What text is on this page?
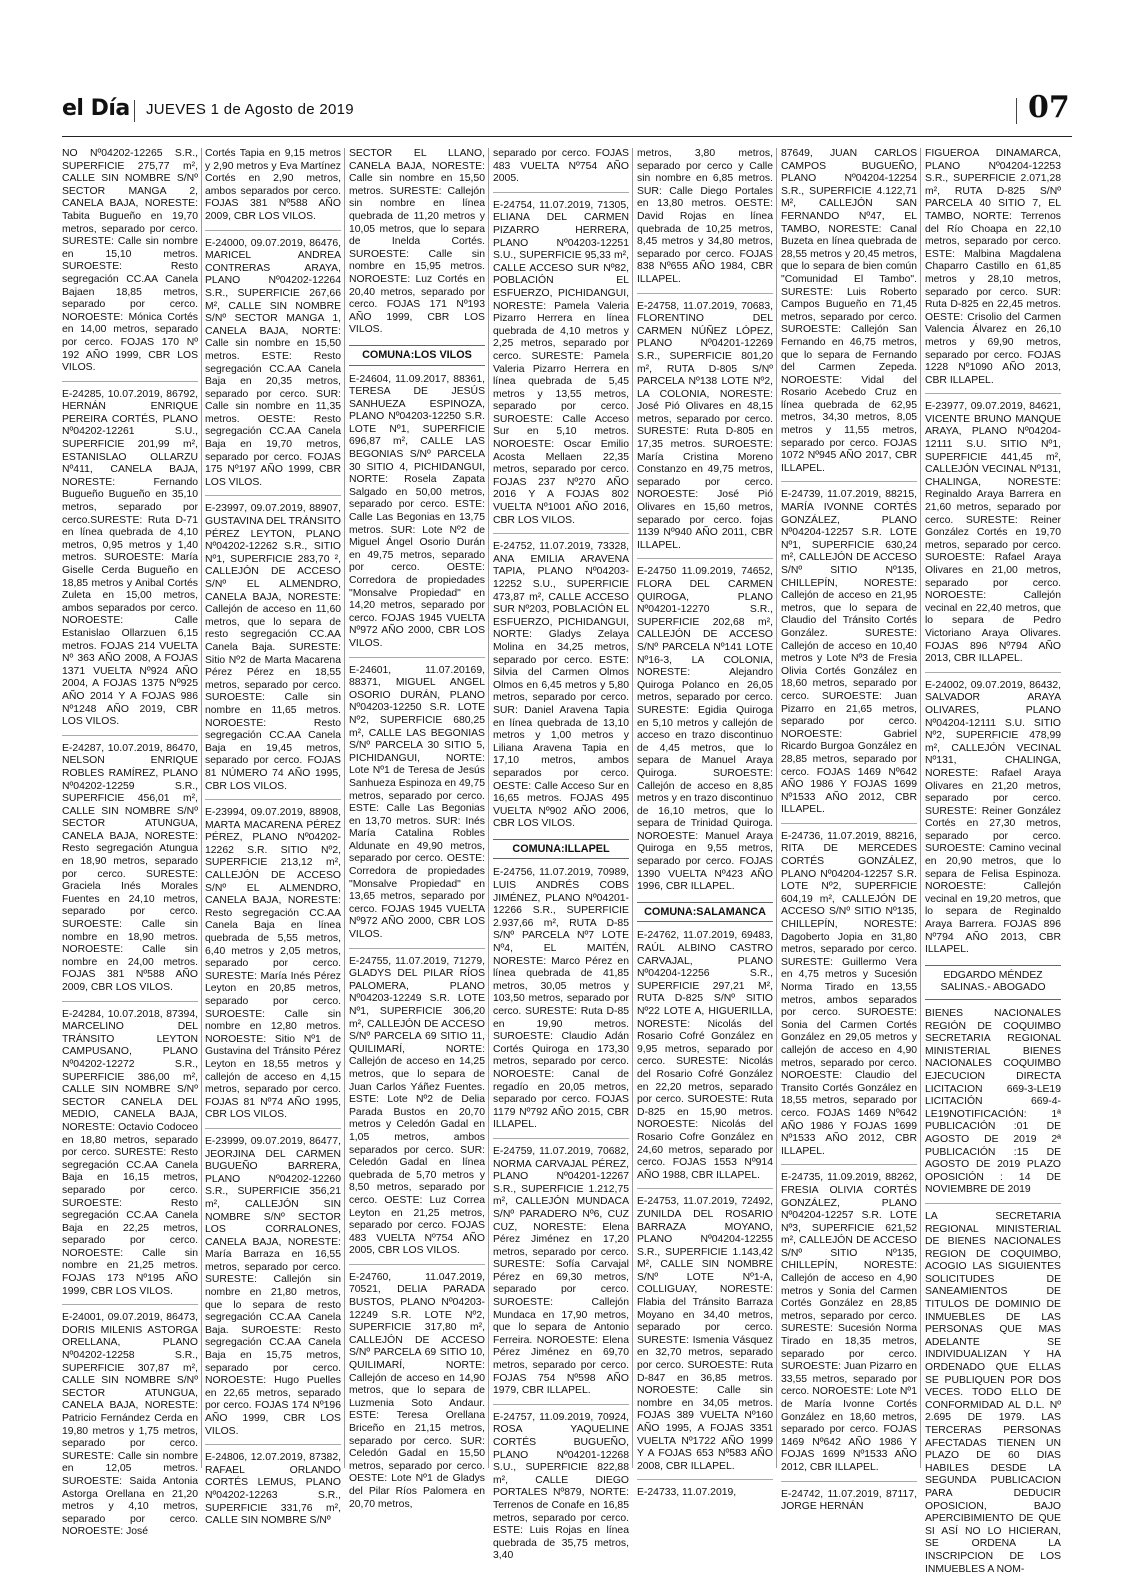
el Día JUEVES 1 de Agosto de 2019	07

NO Nº04202-12265 S.R., SUPERFICIE 275,77 m², CALLE SIN NOMBRE S/Nº SECTOR MANGA 2, CANELA BAJA, NORESTE: Tabita Bugueño en 19,70 metros, separado por cerco. SURESTE: Calle sin nombre en 15,10 metros. SUROESTE: Resto segregación CC.AA Canela Bajaen 18,85 metros, separado por cerco. NOROESTE: Mónica Cortés en 14,00 metros, separado por cerco. FOJAS 170 Nº 192 AÑO 1999, CBR LOS VILOS.

E-24285, 10.07.2019, 86792, HERNÁN ENRIQUE PEREIRA CORTÉS, PLANO Nº04202-12261 S.U., SUPERFICIE 201,99 m², ESTANISLAO OLLARZU Nº411, CANELA BAJA, NORESTE: Fernando Bugueño Bugueño en 35,10 metros, separado por cerco.SURESTE: Ruta D-71 en línea quebrada de 4,10 metros, 0,95 metros y 1,40 metros. SUROESTE: María Giselle Cerda Bugueño en 18,85 metros y Anibal Cortés Zuleta en 15,00 metros, ambos separados por cerco. NOROESTE: Calle Estanislao Ollarzuen 6,15 metros. FOJAS 214 VUELTA Nº 363 AÑO 2008, A FOJAS 1371 VUELTA Nº924 AÑO 2004, A FOJAS 1375 Nº925 AÑO 2014 Y A FOJAS 986 Nº1248 AÑO 2019, CBR LOS VILOS.

E-24287, 10.07.2019, 86470, NELSON ENRIQUE ROBLES RAMÍREZ, PLANO Nº04202-12259 S.R., SUPERFICIE 456,01 m², CALLE SIN NOMBRE S/Nº SECTOR ATUNGUA, CANELA BAJA, NORESTE: Resto segregación Atunguа en 18,90 metros, separado por cerco. SURESTE: Graciela Inés Morales Fuentes en 24,10 metros, separado por cerco. SUROESTE: Calle sin nombre en 18,90 metros. NOROESTE: Calle sin nombre en 24,00 metros. FOJAS 381 Nº588 AÑO 2009, CBR LOS VILOS.

E-24284, 10.07.2018, 87394, MARCELINO DEL TRÁNSITO LEYTON CAMPUSANO, PLANO Nº04202-12272 S.R., SUPERFICIE 386,00 m², CALLE SIN NOMBRE S/Nº SECTOR CANELA DEL MEDIO, CANELA BAJA, NORESTE: Octavio Codoceo en 18,80 metros, separado por cerco. SURESTE: Resto segregación CC.AA Canela Baja en 16,15 metros, separado por cerco. SUROESTE: Resto segregación CC.AA Canela Baja en 22,25 metros, separado por cerco. NOROESTE: Calle sin nombre en 21,25 metros. FOJAS 173 Nº195 AÑO 1999, CBR LOS VILOS.

E-24001, 09.07.2019, 86473, DORIS MILENIS ASTORGA ORELLANA, PLANO Nº04202-12258 S.R., SUPERFICIE 307,87 m², CALLE SIN NOMBRE S/Nº SECTOR ATUNGUA, CANELA BAJA, NORESTE: Patricio Fernández Cerda en 19,80 metros y 1,75 metros, separado por cerco. SURESTE: Calle sin nombre en 12,05 metros. SUROESTE: Saida Antonia Astorga Orellana en 21,20 metros y 4,10 metros, separado por cerco. NOROESTE: José

Cortés Tapia en 9,15 metros y 2,90 metros y Eva Martínez Cortés en 2,90 metros, ambos separados por cerco. FOJAS 381 Nº588 AÑO 2009, CBR LOS VILOS.

E-24000, 09.07.2019, 86476, MARICEL ANDREA CONTRERAS ARAYA, PLANO Nº04202-12264 S.R., SUPERFICIE 267,66 M², CALLE SIN NOMBRE S/Nº SECTOR MANGA 1, CANELA BAJA, NORTE: Calle sin nombre en 15,50 metros. ESTE: Resto segregación CC.AA Canela Baja en 20,35 metros, separado por cerco. SUR: Calle sin nombre en 11,35 metros. OESTE: Resto segregación CC.AA Canela Baja en 19,70 metros, separado por cerco. FOJAS 175 Nº197 AÑO 1999, CBR LOS VILOS.

E-23997, 09.07.2019, 88907, GUSTAVINA DEL TRÁNSITO PÉREZ LEYTON, PLANO Nº04202-12262 S.R., SITIO Nº1, SUPERFICIE 283,70 ², CALLEJÓN DE ACCESO S/Nº EL ALMENDRO, CANELA BAJA, NORESTE: Callejón de acceso en 11,60 metros, que lo separa de resto segregación CC.AA Canela Baja. SURESTE: Sitio Nº2 de Marta Macarena Pérez Pérez en 18,55 metros, separado por cerco. SUROESTE: Calle sin nombre en 11,65 metros. NOROESTE: Resto segregación CC.AA Canela Baja en 19,45 metros, separado por cerco. FOJAS 81 NÚMERO 74 AÑO 1995, CBR LOS VILOS.

E-23994, 09.07.2019, 88908, MARTA MACARENA PÉREZ PÉREZ, PLANO Nº04202-12262 S.R. SITIO Nº2, SUPERFICIE 213,12 m², CALLEJÓN DE ACCESO S/Nº EL ALMENDRO, CANELA BAJA, NORESTE: Resto segregación CC.AA Canela Baja en línea quebrada de 5,55 metros, 6,40 metros y 2,05 metros, separado por cerco. SURESTE: María Inés Pérez Leyton en 20,85 metros, separado por cerco. SUROESTE: Calle sin nombre en 12,80 metros. NOROESTE: Sitio Nº1 de Gustavina del Tránsito Pérez Leyton en 18,55 metros y callejón de acceso en 4,15 metros, separado por cerco. FOJAS 81 Nº74 AÑO 1995, CBR LOS VILOS.

E-23999, 09.07.2019, 86477, JEORJINA DEL CARMEN BUGUEÑO BARRERA, PLANO Nº04202-12260 S.R., SUPERFICIE 356,21 m², CALLEJÓN SIN NOMBRE S/Nº SECTOR LOS CORRALONES, CANELA BAJA, NORESTE: María Barraza en 16,55 metros, separado por cerco. SURESTE: Callejón sin nombre en 21,80 metros, que lo separa de resto segregación CC.AA Canela Baja. SUROESTE: Resto segregación CC.AA Canela Baja en 15,75 metros, separado por cerco. NOROESTE: Hugo Puelles en 22,65 metros, separado por cerco. FOJAS 174 Nº196 AÑO 1999, CBR LOS VILOS.

E-24806, 12.07.2019, 87382, RAFAEL ORLANDO CORTÉS LEMUS, PLANO Nº04202-12263 S.R., SUPERFICIE 331,76 m², CALLE SIN NOMBRE S/Nº

SECTOR EL LLANO, CANELA BAJA, NORESTE: Calle sin nombre en 15,50 metros. SURESTE: Callejón sin nombre en línea quebrada de 11,20 metros y 10,05 metros, que lo separa de Inelda Cortés. SUROESTE: Calle sin nombre en 15,95 metros. NOROESTE: Luz Cortés en 20,40 metros, separado por cerco. FOJAS 171 Nº193 AÑO 1999, CBR LOS VILOS.

COMUNA:LOS VILOS

E-24604, 11.09.2017, 88361, TERESA DE JESÚS SANHUEZA ESPINOZA, PLANO Nº04203-12250 S.R. LOTE Nº1, SUPERFICIE 696,87 m², CALLE LAS BEGONIAS S/Nº PARCELA 30 SITIO 4, PICHIDANGUI, NORTE: Rosela Zapata Salgado en 50,00 metros, separado por cerco. ESTE: Calle Las Begonias en 13,75 metros. SUR: Lote Nº2 de Miguel Ángel Osorio Durán en 49,75 metros, separado por cerco. OESTE: Corredora de propiedades "Monsalve Propiedad" en 14,20 metros, separado por cerco. FOJAS 1945 VUELTA Nº972 AÑO 2000, CBR LOS VILOS.

E-24601, 11.07.20169, 88371, MIGUEL ANGEL OSORIO DURÁN, PLANO Nº04203-12250 S.R. LOTE Nº2, SUPERFICIE 680,25 m², CALLE LAS BEGONIAS S/Nº PARCELA 30 SITIO 5, PICHIDANGUI, NORTE: Lote Nº1 de Teresa de Jesús Sanhueza Espinoza en 49,75 metros, separado por cerco. ESTE: Calle Las Begonias en 13,70 metros. SUR: Inés María Catalina Robles Aldunate en 49,90 metros, separado por cerco. OESTE: Corredora de propiedades "Monsalve Propiedad" en 13,65 metros, separado por cerco. FOJAS 1945 VUELTA Nº972 AÑO 2000, CBR LOS VILOS.

E-24755, 11.07.2019, 71279, GLADYS DEL PILAR RÍOS PALOMERA, PLANO Nº04203-12249 S.R. LOTE Nº1, SUPERFICIE 306,20 m², CALLEJÓN DE ACCESO S/Nº PARCELA 69 SITIO 11, QUILIMARÍ, NORTE: Callejón de acceso en 14,25 metros, que lo separa de Juan Carlos Yáñez Fuentes. ESTE: Lote Nº2 de Delia Parada Bustos en 20,70 metros y Celedón Gadal en 1,05 metros, ambos separados por cerco. SUR: Celedón Gadal en línea quebrada de 5,70 metros y 8,50 metros, separado por cerco. OESTE: Luz Correa Leyton en 21,25 metros, separado por cerco. FOJAS 483 VUELTA Nº754 AÑO 2005, CBR LOS VILOS.

E-24760, 11.047.2019, 70521, DELIA PARADA BUSTOS, PLANO Nº04203-12249 S.R. LOTE Nº2, SUPERFICIE 317,80 m², CALLEJÓN DE ACCESO S/Nº PARCELA 69 SITIO 10, QUILIMARÍ, NORTE: Callejón de acceso en 14,90 metros, que lo separa de Luzmenia Soto Andaur. ESTE: Teresa Orellana Briceño en 21,15 metros, separado por cerco. SUR: Celedón Gadal en 15,50 metros, separado por cerco. OESTE: Lote Nº1 de Gladys del Pilar Ríos Palomera en 20,70 metros,

separado por cerco. FOJAS 483 VUELTA Nº754 AÑO 2005.

E-24754, 11.07.2019, 71305, ELIANA DEL CARMEN PIZARRO HERRERA, PLANO Nº04203-12251 S.U., SUPERFICIE 95,33 m², CALLE ACCESO SUR Nº82, POBLACIÓN EL ESFUERZO, PICHIDANGUI, NORESTE: Pamela Valeria Pizarro Herrera en línea quebrada de 4,10 metros y 2,25 metros, separado por cerco. SURESTE: Pamela Valeria Pizarro Herrera en línea quebrada de 5,45 metros y 13,55 metros, separado por cerco. SUROESTE: Calle Acceso Sur en 5,10 metros. NOROESTE: Oscar Emilio Acosta Mellaen 22,35 metros, separado por cerco. FOJAS 237 Nº270 AÑO 2016 Y A FOJAS 802 VUELTA Nº1001 AÑO 2016, CBR LOS VILOS.

E-24752, 11.07.2019, 73328, ANA EMILIA ARAVENA TAPIA, PLANO Nº04203-12252 S.U., SUPERFICIE 473,87 m², CALLE ACCESO SUR Nº203, POBLACIÓN EL ESFUERZO, PICHIDANGUI, NORTE: Gladys Zelaya Molina en 34,25 metros, separado por cerco. ESTE: Silvia del Carmen Olmos Olmos en 6,45 metros y 5,80 metros, separado por cerco. SUR: Daniel Aravena Tapia en línea quebrada de 13,10 metros y 1,00 metros y Liliana Aravena Tapia en 17,10 metros, ambos separados por cerco. OESTE: Calle Acceso Sur en 16,65 metros. FOJAS 495 VUELTA Nº902 AÑO 2006, CBR LOS VILOS.

COMUNA:ILLAPEL

E-24756, 11.07.2019, 70989, LUIS ANDRÉS COBS JIMÉNEZ, PLANO Nº04201-12266 S.R., SUPERFICIE 2.937,66 m², RUTA D-85 S/Nº PARCELA Nº7 LOTE Nº4, EL MAITÉN, NORESTE: Marco Pérez en línea quebrada de 41,85 metros, 30,05 metros y 103,50 metros, separado por cerco. SURESTE: Ruta D-85 en 19,90 metros. SUROESTE: Claudio Adán Cortés Quiroga en 173,30 metros, separado por cerco. NOROESTE: Canal de regadío en 20,05 metros, separado por cerco. FOJAS 1179 Nº792 AÑO 2015, CBR ILLAPEL.

E-24759, 11.07.2019, 70682, NORMA CARVAJAL PÉREZ, PLANO Nº04201-12267 S.R., SUPERFICIE 1.212,75 m², CALLEJÓN MUNDACA S/Nº PARADERO Nº6, CUZ CUZ, NORESTE: Elena Pérez Jiménez en 17,20 metros, separado por cerco. SURESTE: Sofía Carvajal Pérez en 69,30 metros, separado por cerco. SUROESTE: Callejón Mundaca en 17,90 metros, que lo separa de Antonio Ferreira. NOROESTE: Elena Pérez Jiménez en 69,70 metros, separado por cerco. FOJAS 754 Nº598 AÑO 1979, CBR ILLAPEL.

E-24757, 11.09.2019, 70924, ROSA YAQUELINE CORTÉS BUGUEÑO, PLANO Nº04201-12268 S.U., SUPERFICIE 822,88 m², CALLE DIEGO PORTALES Nº879, NORTE: Terrenos de Conafe en 16,85 metros, separado por cerco. ESTE: Luis Rojas en línea quebrada de 35,75 metros, 3,40

metros, 3,80 metros, separado por cerco y Calle sin nombre en 6,85 metros. SUR: Calle Diego Portales en 13,80 metros. OESTE: David Rojas en línea quebrada de 10,25 metros, 8,45 metros y 34,80 metros, separado por cerco. FOJAS 838 Nº655 AÑO 1984, CBR ILLAPEL.

E-24758, 11.07.2019, 70683, FLORENTINO DEL CARMEN NÚÑEZ LÓPEZ, PLANO Nº04201-12269 S.R., SUPERFICIE 801,20 m², RUTA D-805 S/Nº PARCELA Nº138 LOTE Nº2, LA COLONIA, NORESTE: José Pió Olivares en 48,15 metros, separado por cerco. SURESTE: Ruta D-805 en 17,35 metros. SUROESTE: María Cristina Moreno Constanzo en 49,75 metros, separado por cerco. NOROESTE: José Pió Olivares en 15,60 metros, separado por cerco. fojas 1139 Nº940 AÑO 2011, CBR ILLAPEL.

E-24750 11.09.2019, 74652, FLORA DEL CARMEN QUIROGA, PLANO Nº04201-12270 S.R., SUPERFICIE 202,68 m², CALLEJÓN DE ACCESO S/Nº PARCELA Nº141 LOTE Nº16-3, LA COLONIA, NORESTE: Alejandro Quiroga Polanco en 26,05 metros, separado por cerco. SURESTE: Egidia Quiroga en 5,10 metros y callejón de acceso en trazo discontinuo de 4,45 metros, que lo separa de Manuel Araya Quiroga. SUROESTE: Callejón de acceso en 8,85 metros y en trazo discontinuo de 16,10 metros, que lo separa de Trinidad Quiroga. NOROESTE: Manuel Araya Quiroga en 9,55 metros, separado por cerco. FOJAS 1390 VUELTA Nº423 AÑO 1996, CBR ILLAPEL.

COMUNA:SALAMANCA

E-24762, 11.07.2019, 69483, RAÚL ALBINO CASTRO CARVAJAL, PLANO Nº04204-12256 S.R., SUPERFICIE 297,21 M², RUTA D-825 S/Nº SITIO Nº22 LOTE A, HIGUERILLA, NORESTE: Nicolás del Rosario Cofré González en 9,95 metros, separado por cerco. SURESTE: Nicolás del Rosario Cofré González en 22,20 metros, separado por cerco. SUROESTE: Ruta D-825 en 15,90 metros. NOROESTE: Nicolás del Rosario Cofre González en 24,60 metros, separado por cerco. FOJAS 1553 Nº914 AÑO 1988, CBR ILLAPEL.

E-24753, 11.07.2019, 72492, ZUNILDA DEL ROSARIO BARRAZA MOYANO, PLANO Nº04204-12255 S.R., SUPERFICIE 1.143,42 M², CALLE SIN NOMBRE S/Nº LOTE Nº1-A, COLLIGUAY, NORESTE: Flabia del Tránsito Barraza Moyano en 34,40 metros, separado por cerco. SURESTE: Ismenia Vásquez en 32,70 metros, separado por cerco. SUROESTE: Ruta D-847 en 36,85 metros. NOROESTE: Calle sin nombre en 34,05 metros. FOJAS 389 VUELTA Nº160 AÑO 1995, A FOJAS 3351 VUELTA Nº1722 AÑO 1999 Y A FOJAS 653 Nº583 AÑO 2008, CBR ILLAPEL.

E-24733, 11.07.2019,

87649, JUAN CARLOS CAMPOS BUGUEÑO, PLANO Nº04204-12254 S.R., SUPERFICIE 4.122,71 M², CALLEJÓN SAN FERNANDO Nº47, EL TAMBO, NORESTE: Canal Buzeta en línea quebrada de 28,55 metros y 20,45 metros, que lo separa de bien común "Comunidad El Tambo". SURESTE: Luis Roberto Campos Bugueño en 71,45 metros, separado por cerco. SUROESTE: Callejón San Fernando en 46,75 metros, que lo separa de Fernando del Carmen Zepeda. NOROESTE: Vidal del Rosario Acebedo Cruz en línea quebrada de 62,95 metros, 34,30 metros, 8,05 metros y 11,55 metros, separado por cerco. FOJAS 1072 Nº945 AÑO 2017, CBR ILLAPEL.

E-24739, 11.07.2019, 88215, MARÍA IVONNE CORTÉS GONZÁLEZ, PLANO Nº04204-12257 S.R. LOTE Nº1, SUPERFICIE 630,24 m², CALLEJÓN DE ACCESO S/Nº SITIO Nº135, CHILLEPÍN, NORESTE: Callejón de acceso en 21,95 metros, que lo separa de Claudio del Tránsito Cortés González. SURESTE: Callejón de acceso en 10,40 metros y Lote Nº3 de Fresia Olivia Cortés González en 18,60 metros, separado por cerco. SUROESTE: Juan Pizarro en 21,65 metros, separado por cerco. NOROESTE: Gabriel Ricardo Burgoa González en 28,85 metros, separado por cerco. FOJAS 1469 Nº642 AÑO 1986 Y FOJAS 1699 Nº1533 AÑO 2012, CBR ILLAPEL.

E-24736, 11.07.2019, 88216, RITA DE MERCEDES CORTÉS GONZÁLEZ, PLANO Nº04204-12257 S.R. LOTE Nº2, SUPERFICIE 604,19 m², CALLEJÓN DE ACCESO S/Nº SITIO Nº135, CHILLEPÍN, NORESTE: Dagoberto Jopia en 31,80 metros, separado por cerco. SURESTE: Guillermo Vera en 4,75 metros y Sucesión Norma Tirado en 13,55 metros, ambos separados por cerco. SUROESTE: Sonia del Carmen Cortés González en 29,05 metros y callejón de acceso en 4,90 metros, separado por cerco. NOROESTE: Claudio del Transito Cortés González en 18,55 metros, separado por cerco. FOJAS 1469 Nº642 AÑO 1986 Y FOJAS 1699 Nº1533 AÑO 2012, CBR ILLAPEL.

E-24735, 11.09.2019, 88262, FRESIA OLIVIA CORTÉS GONZÁLEZ, PLANO Nº04204-12257 S.R. LOTE Nº3, SUPERFICIE 621,52 m², CALLEJÓN DE ACCESO S/Nº SITIO Nº135, CHILLEPÍN, NORESTE: Callejón de acceso en 4,90 metros y Sonia del Carmen Cortés González en 28,85 metros, separado por cerco. SURESTE: Sucesión Norma Tirado en 18,35 metros, separado por cerco. SUROESTE: Juan Pizarro en 33,55 metros, separado por cerco. NOROESTE: Lote Nº1 de María Ivonne Cortés González en 18,60 metros, separado por cerco. FOJAS 1469 Nº642 AÑO 1986 Y FOJAS 1699 Nº1533 AÑO 2012, CBR ILLAPEL.

E-24742, 11.07.2019, 87117, JORGE HERNÁN

FIGUEROA DINAMARCA, PLANO Nº04204-12253 S.R., SUPERFICIE 2.071,28 m², RUTA D-825 S/Nº PARCELA 40 SITIO 7, EL TAMBO, NORTE: Terrenos del Río Choapa en 22,10 metros, separado por cerco. ESTE: Malbina Magdalena Chaparro Castillo en 61,85 metros y 28,10 metros, separado por cerco. SUR: Ruta D-825 en 22,45 metros. OESTE: Crisolio del Carmen Valencia Álvarez en 26,10 metros y 69,90 metros, separado por cerco. FOJAS 1228 Nº1090 AÑO 2013, CBR ILLAPEL.

E-23977, 09.07.2019, 84621, VICENTE BRUNO MANQUE ARAYA, PLANO Nº04204-12111 S.U. SITIO Nº1, SUPERFICIE 441,45 m², CALLEJÓN VECINAL Nº131, CHALINGA, NORESTE: Reginaldo Araya Barrera en 21,60 metros, separado por cerco. SURESTE: Reiner González Cortés en 19,70 metros, separado por cerco. SUROESTE: Rafael Araya Olivares en 21,00 metros, separado por cerco. NOROESTE: Callejón vecinal en 22,40 metros, que lo separa de Pedro Victoriano Araya Olivares. FOJAS 896 Nº794 AÑO 2013, CBR ILLAPEL.

E-24002, 09.07.2019, 86432, SALVADOR ARAYA OLIVARES, PLANO Nº04204-12111 S.U. SITIO Nº2, SUPERFICIE 478,99 m², CALLEJÓN VECINAL Nº131, CHALINGA, NORESTE: Rafael Araya Olivares en 21,20 metros, separado por cerco. SURESTE: Reiner González Cortés en 27,30 metros, separado por cerco. SUROESTE: Camino vecinal en 20,90 metros, que lo separa de Felisa Espinoza. NOROESTE: Callejón vecinal en 19,20 metros, que lo separa de Reginaldo Araya Barrera. FOJAS 896 Nº794 AÑO 2013, CBR ILLAPEL.

EDGARDO MÉNDEZ SALINAS.- ABOGADO

BIENES NACIONALES REGIÓN DE COQUIMBO SECRETARIA REGIONAL MINISTERIAL BIENES NACIONALES COQUIMBO EJECUCION DIRECTA LICITACION 669-3-LE19 LICITACIÓN 669-4-LE19NOTIFICACIÓN: 1ª PUBLICACIÓN :01 DE AGOSTO DE 2019 2ª PUBLICACIÓN :15 DE AGOSTO DE 2019 PLAZO OPOSICIÓN : 14 DE NOVIEMBRE DE 2019

LA SECRETARIA REGIONAL MINISTERIAL DE BIENES NACIONALES REGION DE COQUIMBO, ACOGIO LAS SIGUIENTES SOLICITUDES DE SANEAMIENTOS DE TITULOS DE DOMINIO DE INMUEBLES DE LAS PERSONAS QUE MAS ADELANTE SE INDIVIDUALIZAN Y HA ORDENADO QUE ELLAS SE PUBLIQUEN POR DOS VECES. TODO ELLO DE CONFORMIDAD AL D.L. Nº 2.695 DE 1979. LAS TERCERAS PERSONAS AFECTADAS TIENEN UN PLAZO DE 60 DIAS HABILES DESDE LA SEGUNDA PUBLICACION PARA DEDUCIR OPOSICION, BAJO APERCIBIMIENTO DE QUE SI ASÍ NO LO HICIERAN, SE ORDENA LA INSCRIPCION DE LOS INMUEBLES A NOM-
